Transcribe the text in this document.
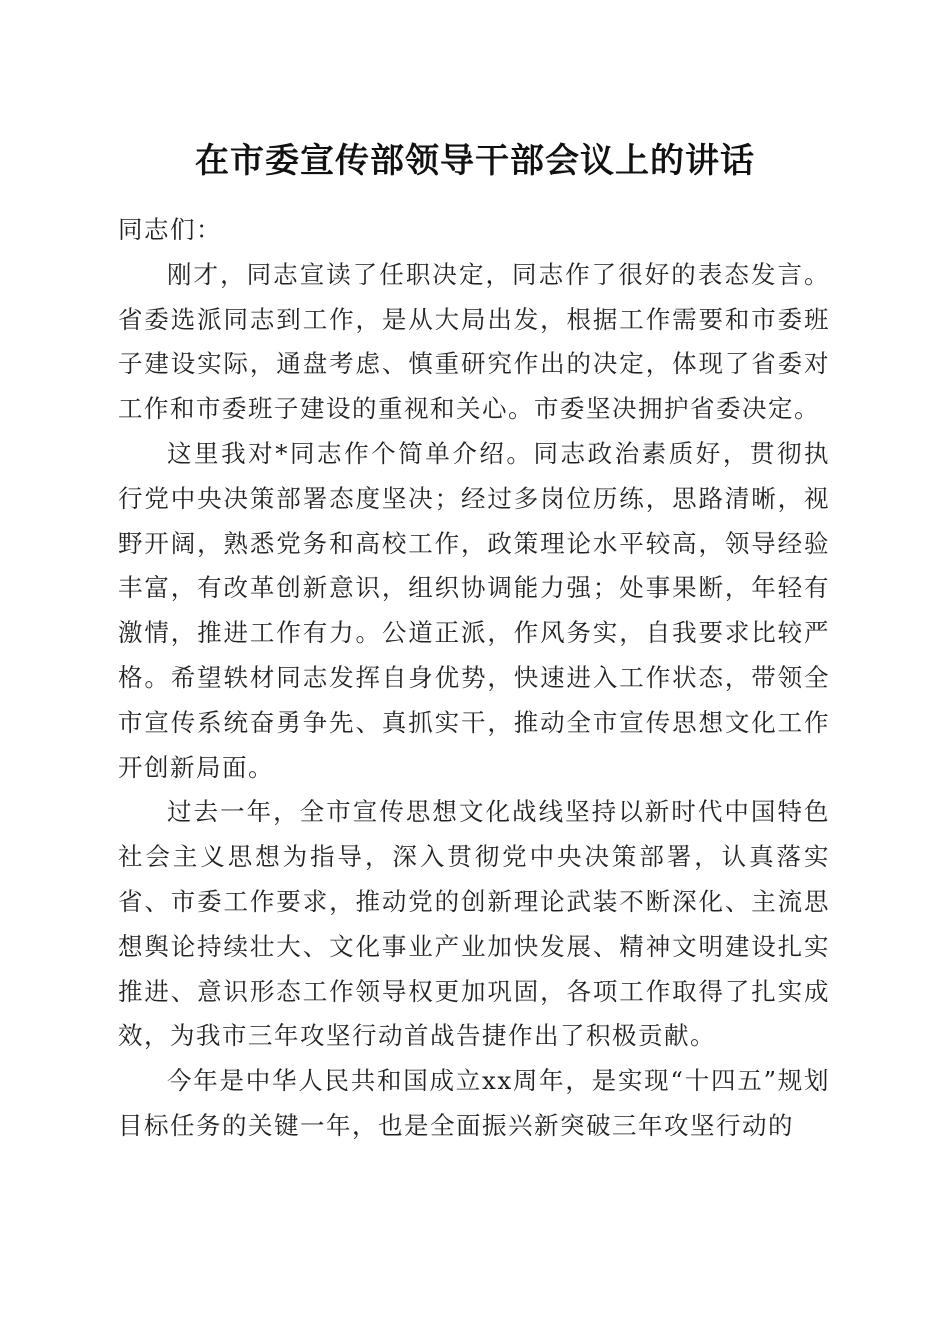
在市委宣传部领导干部会议上的讲话

同志们：

刚才，同志宣读了任职决定，同志作了很好的表态发言。省委选派同志到工作，是从大局出发，根据工作需要和市委班子建设实际，通盘考虑、慎重研究作出的决定，体现了省委对工作和市委班子建设的重视和关心。市委坚决拥护省委决定。

这里我对*同志作个简单介绍。同志政治素质好，贯彻执行党中央决策部署态度坚决；经过多岗位历练，思路清晰，视野开阔，熟悉党务和高校工作，政策理论水平较高，领导经验丰富，有改革创新意识，组织协调能力强；处事果断，年轻有激情，推进工作有力。公道正派，作风务实，自我要求比较严格。希望轶材同志发挥自身优势，快速进入工作状态，带领全市宣传系统奋勇争先、真抓实干，推动全市宣传思想文化工作开创新局面。

过去一年，全市宣传思想文化战线坚持以新时代中国特色社会主义思想为指导，深入贯彻党中央决策部署，认真落实省、市委工作要求，推动党的创新理论武装不断深化、主流思想舆论持续壮大、文化事业产业加快发展、精神文明建设扎实推进、意识形态工作领导权更加巩固，各项工作取得了扎实成效，为我市三年攻坚行动首战告捷作出了积极贡献。

今年是中华人民共和国成立xx周年，是实现“十四五”规划目标任务的关键一年，也是全面振兴新突破三年攻坚行动的
